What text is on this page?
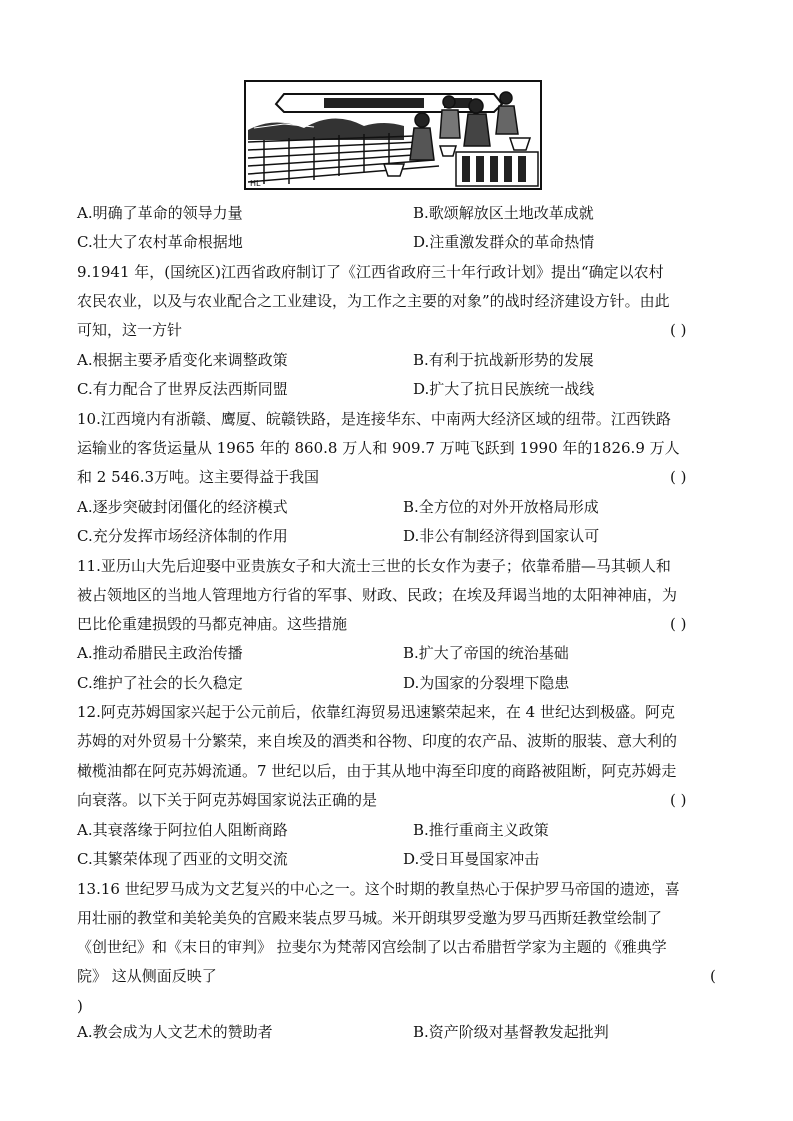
HL
A.明确了革命的领导力量	B.歌颂解放区土地改革成就
C.壮大了农村革命根据地	D.注重激发群众的革命热情
9.1941 年，(国统区)江西省政府制订了《江西省政府三十年行政计划》提出“确定以农村
农民农业，以及与农业配合之工业建设，为工作之主要的对象”的战时经济建设方针。由此
可知，这一方针	( )
A.根据主要矛盾变化来调整政策	B.有利于抗战新形势的发展
C.有力配合了世界反法西斯同盟	D.扩大了抗日民族统一战线
10.江西境内有浙赣、鹰厦、皖赣铁路，是连接华东、中南两大经济区域的纽带。江西铁路
运输业的客货运量从 1965 年的 860.8 万人和 909.7 万吨飞跃到 1990 年的1826.9 万人
和 2 546.3万吨。这主要得益于我国	( )
A.逐步突破封闭僵化的经济模式	B.全方位的对外开放格局形成
C.充分发挥市场经济体制的作用	D.非公有制经济得到国家认可
11.亚历山大先后迎娶中亚贵族女子和大流士三世的长女作为妻子；依靠希腊—马其顿人和
被占领地区的当地人管理地方行省的军事、财政、民政；在埃及拜谒当地的太阳神神庙，为
巴比伦重建损毁的马都克神庙。这些措施	( )
A.推动希腊民主政治传播	B.扩大了帝国的统治基础
C.维护了社会的长久稳定	D.为国家的分裂埋下隐患
12.阿克苏姆国家兴起于公元前后，依靠红海贸易迅速繁荣起来，在 4 世纪达到极盛。阿克
苏姆的对外贸易十分繁荣，来自埃及的酒类和谷物、印度的农产品、波斯的服装、意大利的
橄榄油都在阿克苏姆流通。7 世纪以后，由于其从地中海至印度的商路被阻断，阿克苏姆走
向衰落。以下关于阿克苏姆国家说法正确的是	( )
A.其衰落缘于阿拉伯人阻断商路	B.推行重商主义政策
C.其繁荣体现了西亚的文明交流	D.受日耳曼国家冲击
13.16 世纪罗马成为文艺复兴的中心之一。这个时期的教皇热心于保护罗马帝国的遗迹，喜
用壮丽的教堂和美轮美奂的宫殿来装点罗马城。米开朗琪罗受邀为罗马西斯廷教堂绘制了
《创世纪》和《末日的审判》 拉斐尔为梵蒂冈宫绘制了以古希腊哲学家为主题的《雅典学
院》 这从侧面反映了	(
)
A.教会成为人文艺术的赞助者	B.资产阶级对基督教发起批判
